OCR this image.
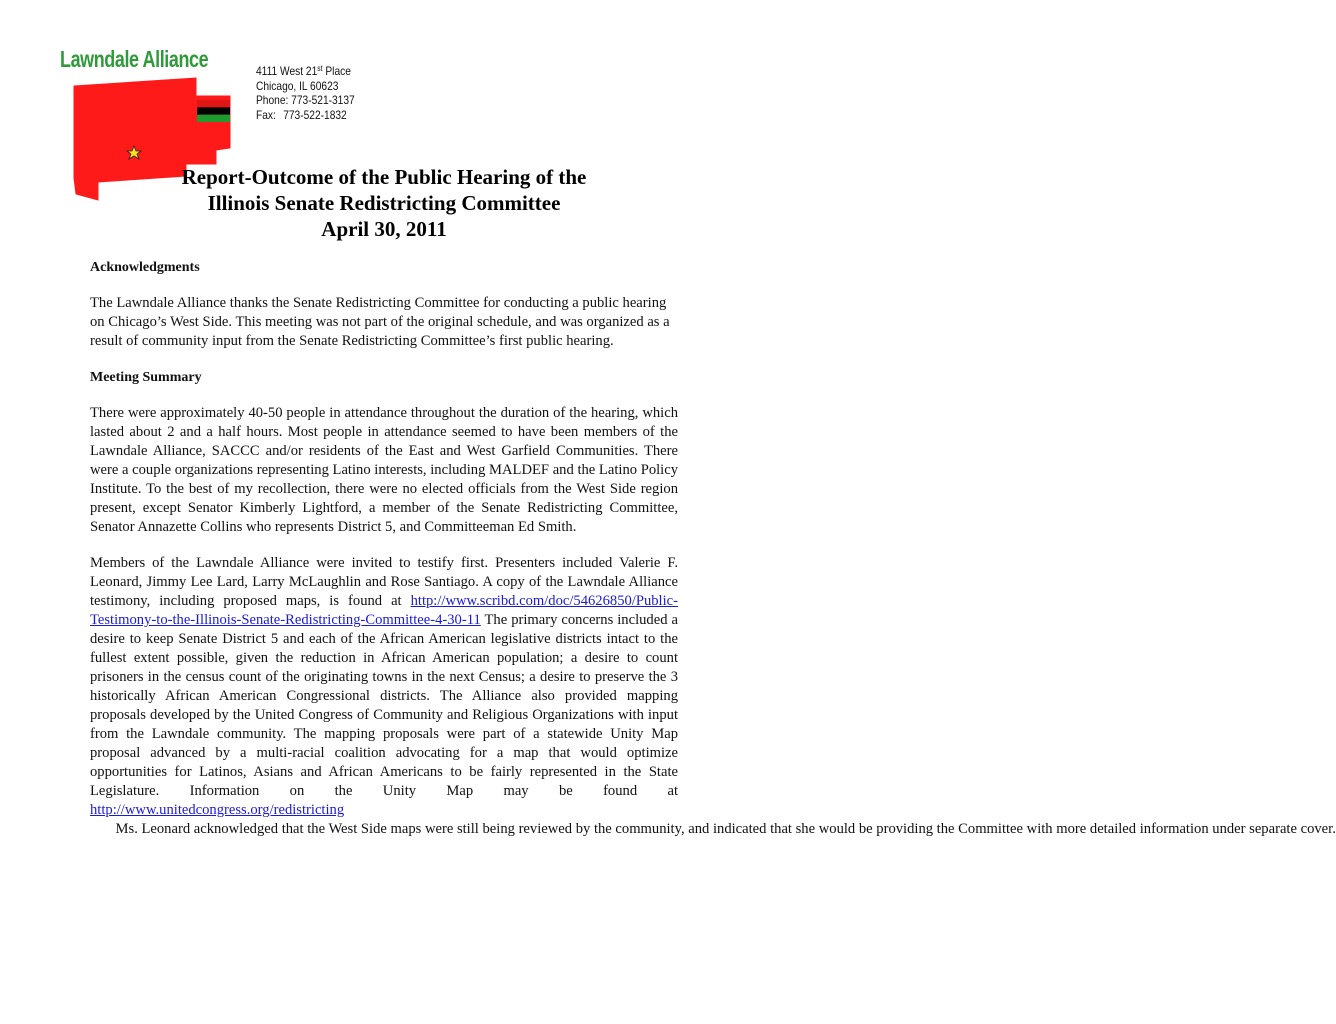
Lawndale Alliance	4111 West 21st Place
Chicago, IL 60623
Phone: 773-521-3137
Fax: 773-522-1832
Report-Outcome of the Public Hearing of the
Illinois Senate Redistricting Committee
April 30, 2011
Acknowledgments
The Lawndale Alliance thanks the Senate Redistricting Committee for conducting a public hearing on Chicago’s West Side. This meeting was not part of the original schedule, and was organized as a result of community input from the Senate Redistricting Committee’s first public hearing.
Meeting Summary
There were approximately 40-50 people in attendance throughout the duration of the hearing, which lasted about 2 and a half hours. Most people in attendance seemed to have been members of the Lawndale Alliance, SACCC and/or residents of the East and West Garfield Communities. There were a couple organizations representing Latino interests, including MALDEF and the Latino Policy Institute. To the best of my recollection, there were no elected officials from the West Side region present, except Senator Kimberly Lightford, a member of the Senate Redistricting Committee, Senator Annazette Collins who represents District 5, and Committeeman Ed Smith.
Members of the Lawndale Alliance were invited to testify first. Presenters included Valerie F. Leonard, Jimmy Lee Lard, Larry McLaughlin and Rose Santiago. A copy of the Lawndale Alliance testimony, including proposed maps, is found at http://www.scribd.com/doc/54626850/Public-Testimony-to-the-Illinois-Senate-Redistricting-Committee-4-30-11 The primary concerns included a desire to keep Senate District 5 and each of the African American legislative districts intact to the fullest extent possible, given the reduction in African American population; a desire to count prisoners in the census count of the originating towns in the next Census; a desire to preserve the 3 historically African American Congressional districts. The Alliance also provided mapping proposals developed by the United Congress of Community and Religious Organizations with input from the Lawndale community. The mapping proposals were part of a statewide Unity Map proposal advanced by a multi-racial coalition advocating for a map that would optimize opportunities for Latinos, Asians and African Americans to be fairly represented in the State Legislature. Information on the Unity Map may be found at http://www.unitedcongress.org/redistricting       Ms. Leonard acknowledged that the West Side maps were still being reviewed by the community, and indicated that she would be providing the Committee with more detailed information under separate cover.
